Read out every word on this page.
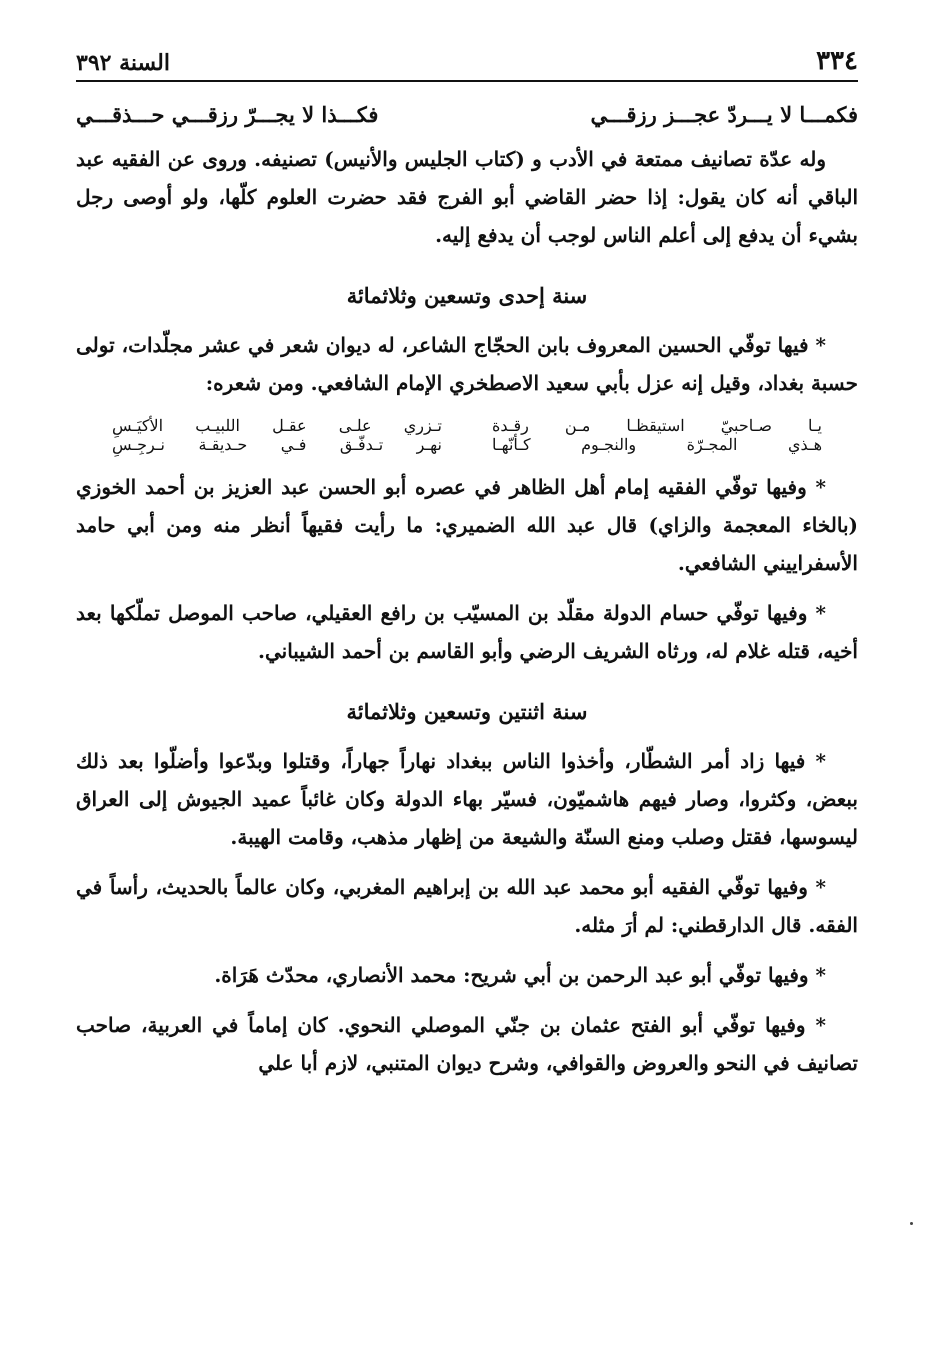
٣٣٤
السنة ٣٩٢
فكمـــا لا يـــردّ عجـــز رزقـــي
فكـــذا لا يجـــرّ رزقـــي حـــذقـــي

وله عدّة تصانيف ممتعة في الأدب و (كتاب الجليس والأنيس) تصنيفه. وروى عن الفقيه عبد الباقي أنه كان يقول: إذا حضر القاضي أبو الفرج فقد حضرت العلوم كلّها، ولو أوصى رجل بشيء أن يدفع إلى أعلم الناس لوجب أن يدفع إليه.

سنة إحدى وتسعين وثلاثمائة

* فيها توفّي الحسين المعروف بابن الحجّاج الشاعر، له ديوان شعر في عشر مجلّدات، تولى حسبة بغداد، وقيل إنه عزل بأبي سعيد الاصطخري الإمام الشافعي. ومن شعره:

يـا صـاحبيّ استيقظـا مـن رقـدة
تـزري علـى عقـل اللبيـب الأكيَـسِ
هـذي المجـرّة والنجـوم كـأنّهـا
نهـر تـدفّـق فـي حـديقـة نـرجِـسِ

* وفيها توفّي الفقيه إمام أهل الظاهر في عصره أبو الحسن عبد العزيز بن أحمد الخوزي (بالخاء المعجمة والزاي) قال عبد الله الضميري: ما رأيت فقيهاً أنظر منه ومن أبي حامد الأسفراييني الشافعي.

* وفيها توفّي حسام الدولة مقلّد بن المسيّب بن رافع العقيلي، صاحب الموصل تملّكها بعد أخيه، قتله غلام له، ورثاه الشريف الرضي وأبو القاسم بن أحمد الشيباني.

سنة اثنتين وتسعين وثلاثمائة

* فيها زاد أمر الشطّار، وأخذوا الناس ببغداد نهاراً جهاراً، وقتلوا وبدّعوا وأضلّوا بعد ذلك ببعض، وكثروا، وصار فيهم هاشميّون، فسيّر بهاء الدولة وكان غائباً عميد الجيوش إلى العراق ليسوسها، فقتل وصلب ومنع السنّة والشيعة من إظهار مذهب، وقامت الهيبة.

* وفيها توفّي الفقيه أبو محمد عبد الله بن إبراهيم المغربي، وكان عالماً بالحديث، رأساً في الفقه. قال الدارقطني: لم أرَ مثله.

* وفيها توفّي أبو عبد الرحمن بن أبي شريح: محمد الأنصاري، محدّث هَرَاة.

* وفيها توفّي أبو الفتح عثمان بن جنّي الموصلي النحوي. كان إماماً في العربية، صاحب تصانيف في النحو والعروض والقوافي، وشرح ديوان المتنبي، لازم أبا علي
